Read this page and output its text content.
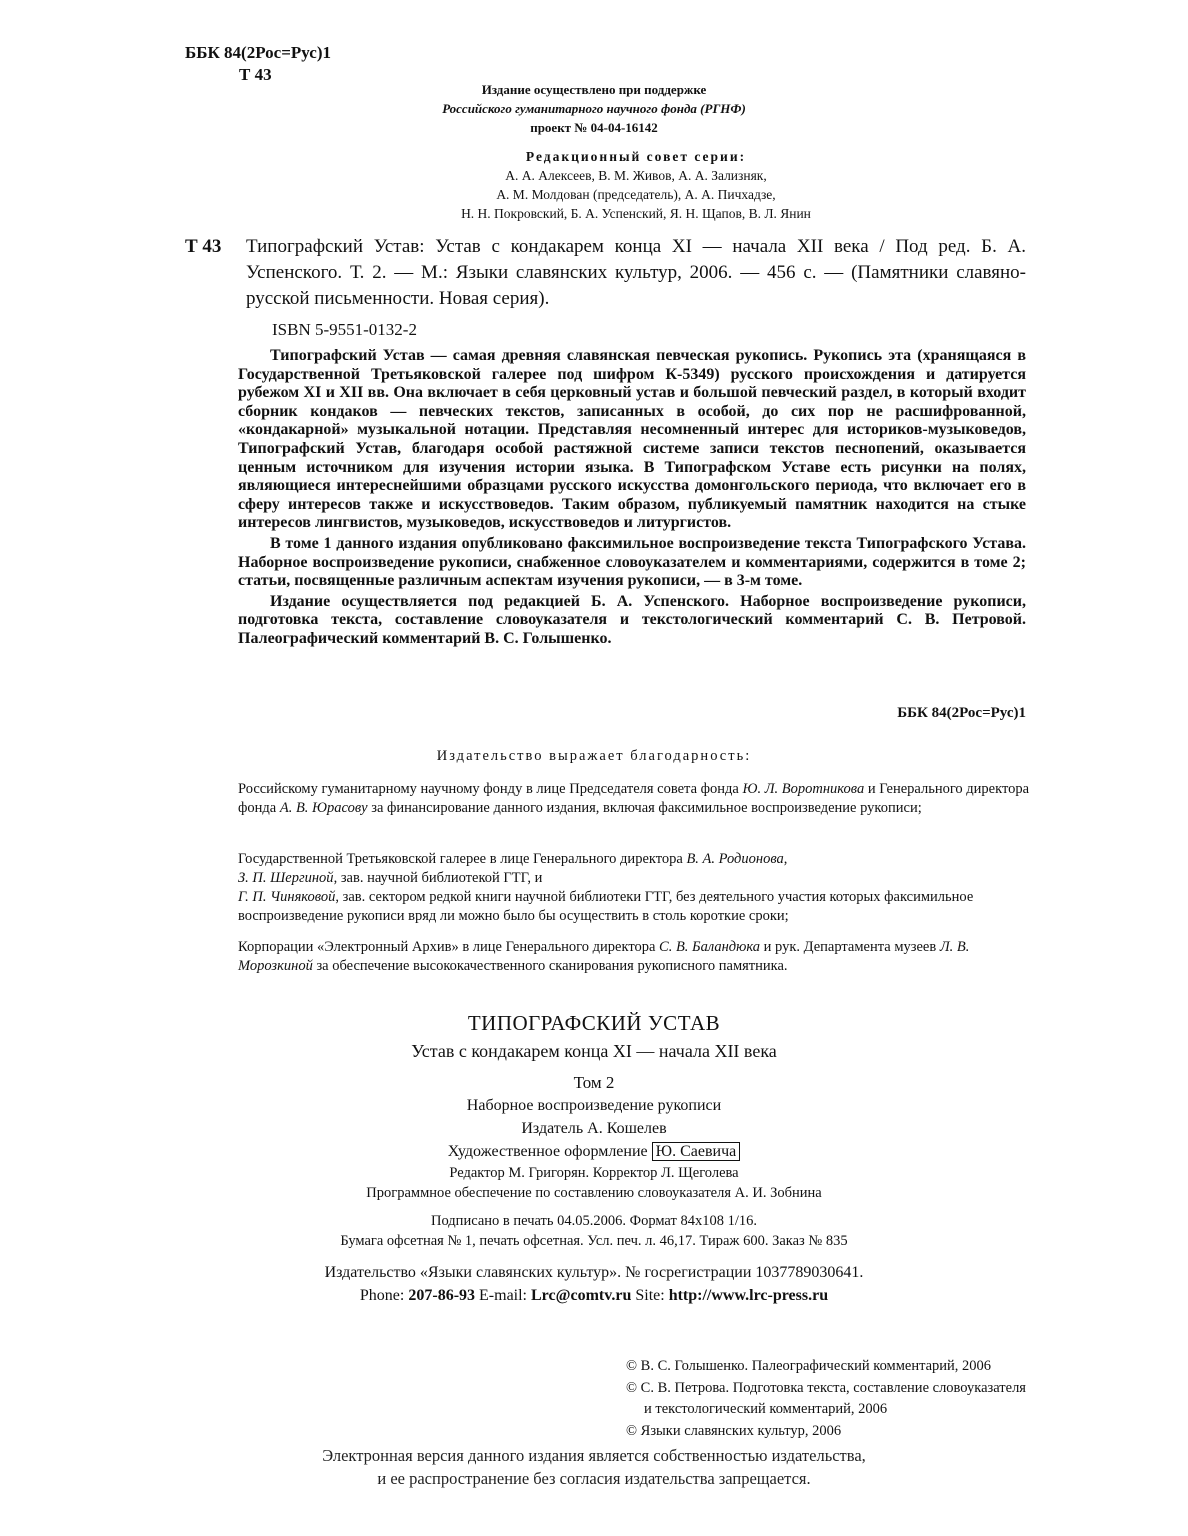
ББК 84(2Рос=Рус)1
Т 43
Издание осуществлено при поддержке
Российского гуманитарного научного фонда (РГНФ)
проект № 04-04-16142
Редакционный совет серии:
А. А. Алексеев, В. М. Живов, А. А. Зализняк,
А. М. Молдован (председатель), А. А. Пичхадзе,
Н. Н. Покровский, Б. А. Успенский, Я. Н. Щапов, В. Л. Янин
Т 43 Типографский Устав: Устав с кондакарем конца XI — начала XII века / Под ред. Б. А. Успенского. Т. 2. — М.: Языки славянских культур, 2006. — 456 с. — (Памятники славяно-русской письменности. Новая серия).
ISBN 5-9551-0132-2

Типографский Устав — самая древняя славянская певческая рукопись. Рукопись эта (хранящаяся в Государственной Третьяковской галерее под шифром К-5349) русского происхождения и датируется рубежом XI и XII вв. Она включает в себя церковный устав и большой певческий раздел, в который входит сборник кондаков — певческих текстов, записанных в особой, до сих пор не расшифрованной, «кондакарной» музыкальной нотации. Представляя несомненный интерес для историков-музыковедов, Типографский Устав, благодаря особой растяжной системе записи текстов песнопений, оказывается ценным источником для изучения истории языка. В Типографском Уставе есть рисунки на полях, являющиеся интереснейшими образцами русского искусства домонгольского периода, что включает его в сферу интересов также и искусствоведов. Таким образом, публикуемый памятник находится на стыке интересов лингвистов, музыковедов, искусствоведов и литургистов.

В томе 1 данного издания опубликовано факсимильное воспроизведение текста Типографского Устава. Наборное воспроизведение рукописи, снабженное словоуказателем и комментариями, содержится в томе 2; статьи, посвященные различным аспектам изучения рукописи, — в 3-м томе.

Издание осуществляется под редакцией Б. А. Успенского. Наборное воспроизведение рукописи, подготовка текста, составление словоуказателя и текстологический комментарий С. В. Петровой. Палеографический комментарий В. С. Голышенко.

ББК 84(2Рос=Рус)1
Издательство выражает благодарность:

Российскому гуманитарному научному фонду в лице Председателя совета фонда Ю. Л. Воротникова и Генерального директора фонда А. В. Юрасову за финансирование данного издания, включая факсимильное воспроизведение рукописи;

Государственной Третьяковской галерее в лице Генерального директора В. А. Родионова,

З. П. Шергиной, зав. научной библиотекой ГТГ, и

Г. П. Чиняковой, зав. сектором редкой книги научной библиотеки ГТГ, без деятельного участия которых факсимильное воспроизведение рукописи вряд ли можно было бы осуществить в столь короткие сроки;

Корпорации «Электронный Архив» в лице Генерального директора С. В. Баландюка и рук. Департамента музеев Л. В. Морозкиной за обеспечение высококачественного сканирования рукописного памятника.

ТИПОГРАФСКИЙ УСТАВ
Устав с кондакарем конца XI — начала XII века
Том 2
Наборное воспроизведение рукописи
Издатель А. Кошелев
Художественное оформление Ю. Саевича
Редактор М. Григорян. Корректор Л. Щеголева
Программное обеспечение по составлению словоуказателя А. И. Зобнина
Подписано в печать 04.05.2006. Формат 84x108 1/16.
Бумага офсетная № 1, печать офсетная. Усл. печ. л. 46,17. Тираж 600. Заказ № 835
Издательство «Языки славянских культур». № госрегистрации 1037789030641.
Phone: 207-86-93 E-mail: Lrc@comtv.ru Site: http://www.lrc-press.ru
© В. С. Голышенко. Палеографический комментарий, 2006
© С. В. Петрова. Подготовка текста, составление словоуказателя
и текстологический комментарий, 2006
© Языки славянских культур, 2006
Электронная версия данного издания является собственностью издательства,
и ее распространение без согласия издательства запрещается.
